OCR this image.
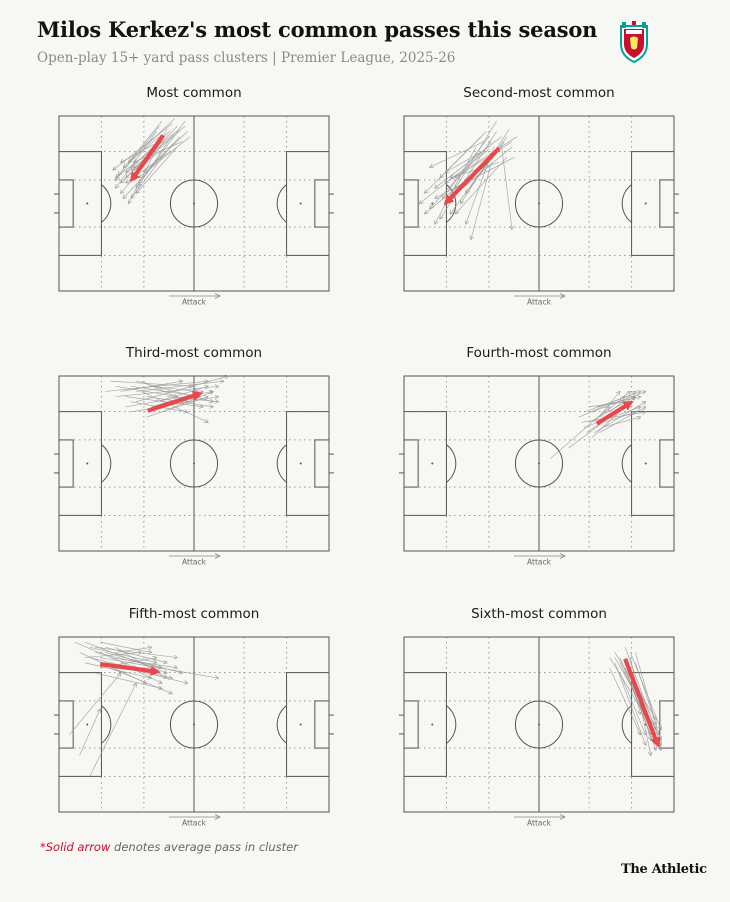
Milos Kerkez's most common passes this season
Open-play 15+ yard pass clusters | Premier League, 2025-26
Most common	Second-most common
Third-most common	Fourth-most common
Fifth-most common	Sixth-most common
Attack	Attack
Attack	Attack
Attack	Attack
*Solid arrow denotes average pass in cluster
The Athletic
